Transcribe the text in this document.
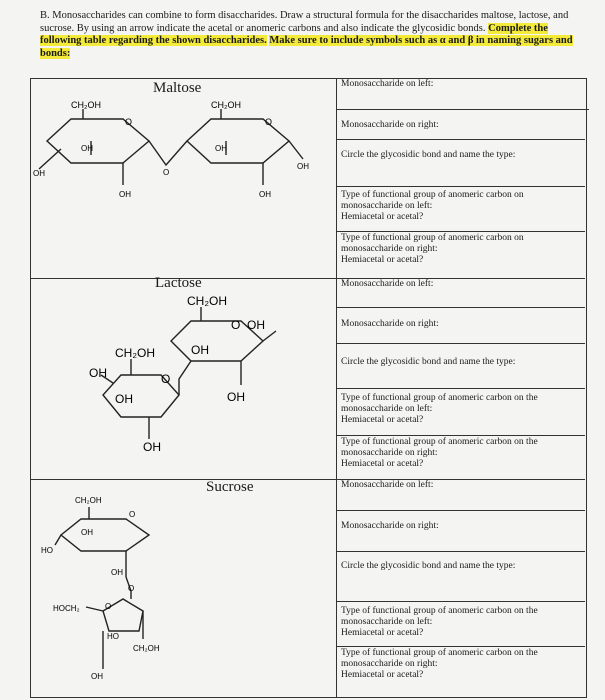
B. Monosaccharides can combine to form disaccharides. Draw a structural formula for the disaccharides maltose, lactose, and sucrose. By using an arrow indicate the acetal or anomeric carbons and also indicate the glycosidic bonds. Complete the following table regarding the shown disaccharides. Make sure to include symbols such as α and β in naming sugars and bonds:
Maltose
Lactose
Sucrose
Monosaccharide on left:
Monosaccharide on right:
Circle the glycosidic bond and name the type:
Type of functional group of anomeric carbon on monosaccharide on left:
Hemiacetal or acetal?
Type of functional group of anomeric carbon on monosaccharide on right:
Hemiacetal or acetal?
Monosaccharide on left:
Monosaccharide on right:
Circle the glycosidic bond and name the type:
Type of functional group of anomeric carbon on the monosaccharide on left:
Hemiacetal or acetal?
Type of functional group of anomeric carbon on the monosaccharide on right:
Hemiacetal or acetal?
Monosaccharide on left:
Monosaccharide on right:
Circle the glycosidic bond and name the type:
Type of functional group of anomeric carbon on the monosaccharide on left:
Hemiacetal or acetal?
Type of functional group of anomeric carbon on the monosaccharide on right:
Hemiacetal or acetal?
CH₂OH
O
OH
OH
OH
O
CH₂OH
O
OH
OH
OH
CH₂OH
O OH
OH
OH
CH₂OH
OH	O
OH
OH
CH₂OH
O
OH
HO
OH
O
HOCH₂	O
HO
CH₂OH
OH
